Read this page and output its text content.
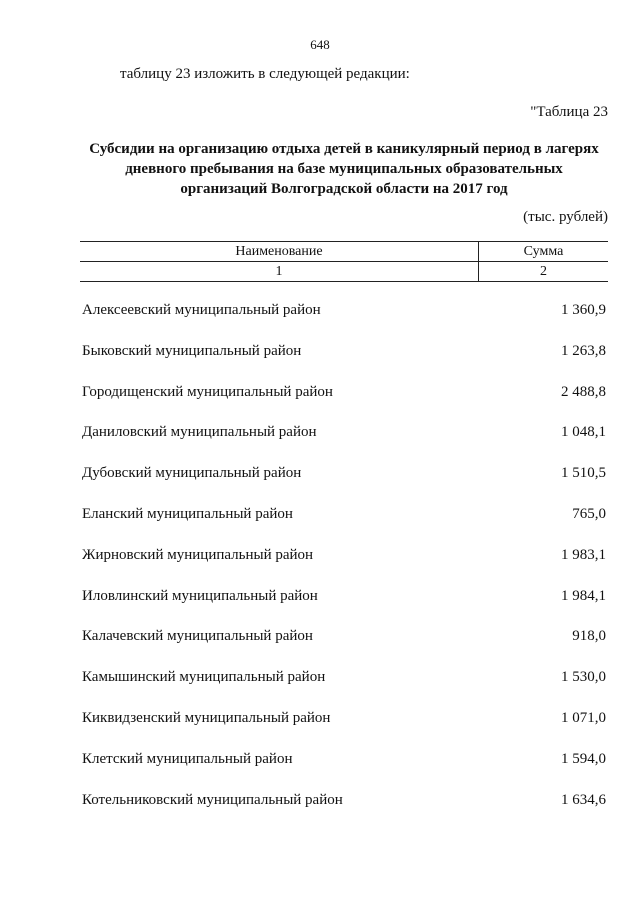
648
таблицу 23 изложить в следующей редакции:
"Таблица 23
Субсидии на организацию отдыха детей в каникулярный период в лагерях
дневного пребывания на базе муниципальных образовательных
организаций Волгоградской области на 2017 год
(тыс. рублей)
Наименование	Сумма
1	2
Алексеевский муниципальный район	1 360,9
Быковский муниципальный район	1 263,8
Городищенский муниципальный район	2 488,8
Даниловский муниципальный район	1 048,1
Дубовский муниципальный район	1 510,5
Еланский муниципальный район	765,0
Жирновский муниципальный район	1 983,1
Иловлинский муниципальный район	1 984,1
Калачевский муниципальный район	918,0
Камышинский муниципальный район	1 530,0
Киквидзенский муниципальный район	1 071,0
Клетский муниципальный район	1 594,0
Котельниковский муниципальный район	1 634,6
